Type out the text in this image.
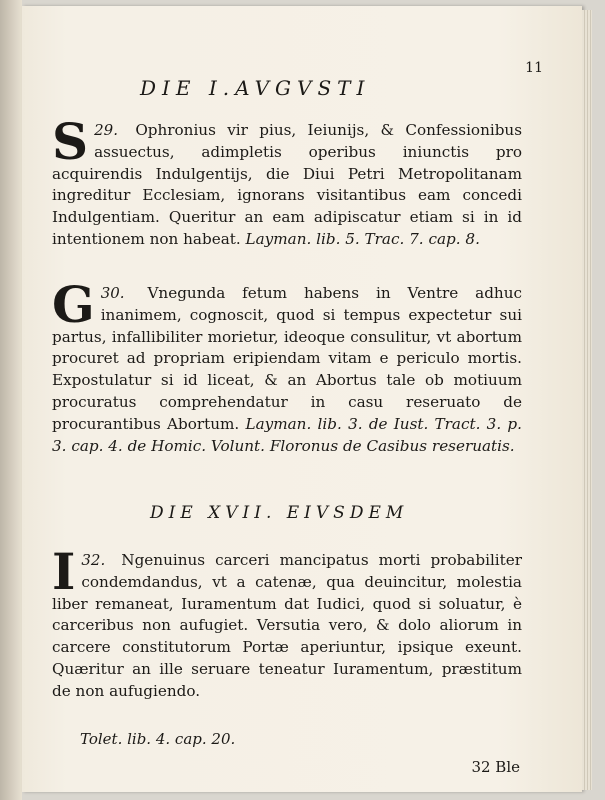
11
DIE I.AVGVSTI
29.
S	Ophronius vir pius, Ieiunijs, & Confessionibus assuectus, adimpletis operibus iniunctis pro acquirendis Indulgentijs, die Diui Petri Metropolitanam ingreditur Ecclesiam, ignorans visitantibus eam concedi Indulgentiam. Queritur an eam adipiscatur etiam si in id intentionem non habeat. Layman. lib. 5. Trac. 7. cap. 8.
30.
G	Vnegunda fetum habens in Ventre adhuc inanimem, cognoscit, quod si tempus expectetur sui partus, infallibiliter morietur, ideoque consulitur, vt abortum procuret ad propriam eripiendam vitam e periculo mortis. Expostulatur si id liceat, & an Abortus tale ob motiuum procuratus comprehendatur in casu reseruato de procurantibus Abortum. Layman. lib. 3. de Iust. Tract. 3. p. 3. cap. 4. de Homic. Volunt. Floronus de Casibus reseruatis.
DIE XVII. EIVSDEM
32.
I	Ngenuinus carceri mancipatus morti probabiliter condemdandus, vt a catenæ, qua deuincitur, molestia liber remaneat, Iuramentum dat Iudici, quod si soluatur, è carceribus non aufugiet. Versutia vero, & dolo aliorum in carcere constitutorum Portæ aperiuntur, ipsique exeunt. Quæritur an ille seruare teneatur Iuramentum, præstitum de non aufugiendo.
Tolet. lib. 4. cap. 20.
32 Ble
